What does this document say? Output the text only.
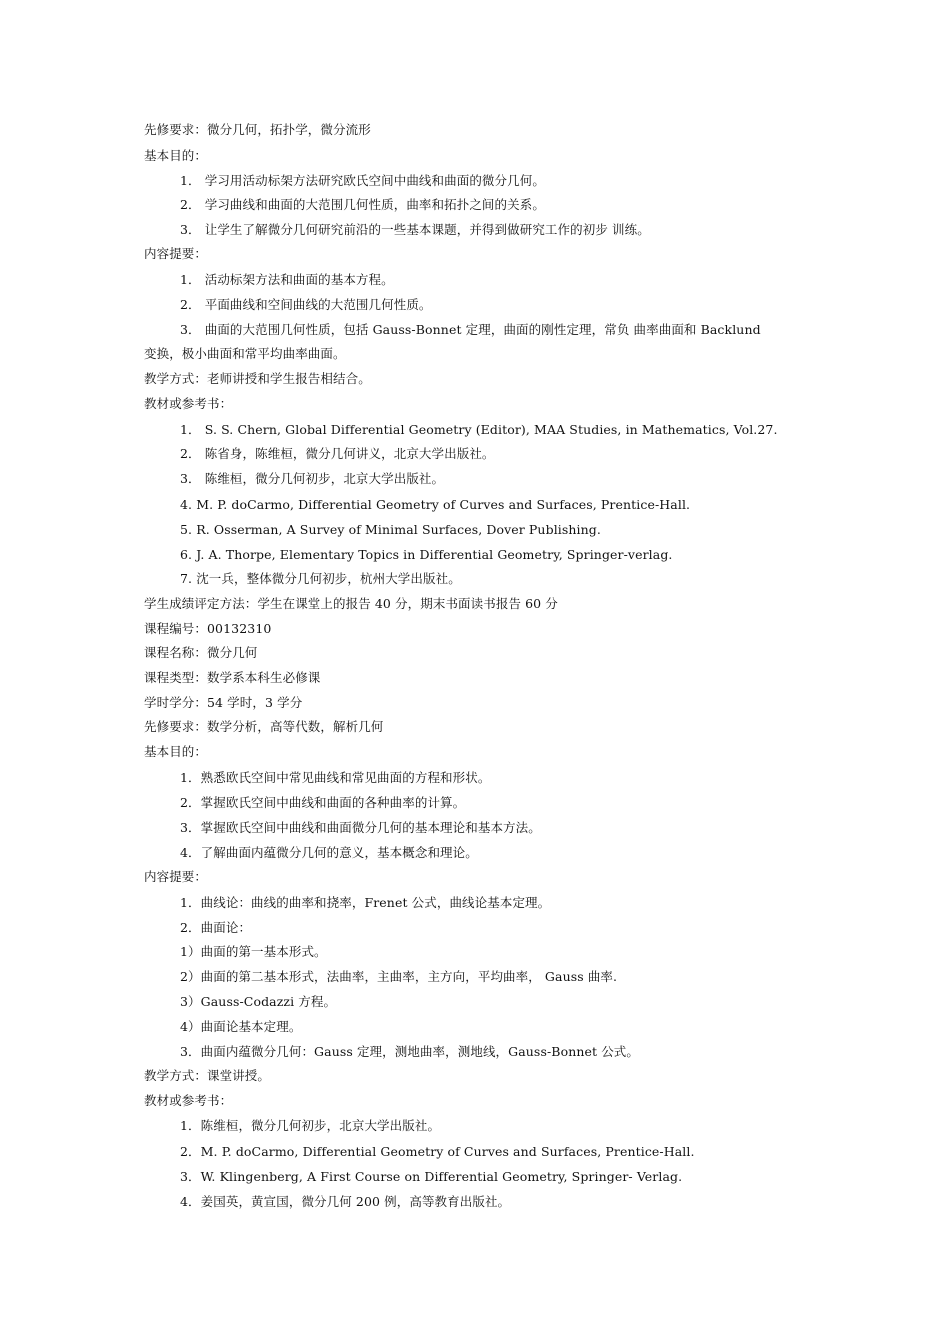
先修要求：微分几何，拓扑学，微分流形
基本目的：
1． 学习用活动标架方法研究欧氏空间中曲线和曲面的微分几何。
2． 学习曲线和曲面的大范围几何性质，曲率和拓扑之间的关系。
3． 让学生了解微分几何研究前沿的一些基本课题，并得到做研究工作的初步 训练。
内容提要：
1． 活动标架方法和曲面的基本方程。
2． 平面曲线和空间曲线的大范围几何性质。
3． 曲面的大范围几何性质，包括 Gauss-Bonnet 定理，曲面的刚性定理，常负 曲率曲面和 Backlund
变换，极小曲面和常平均曲率曲面。
教学方式：老师讲授和学生报告相结合。
教材或参考书：
1． S. S. Chern, Global Differential Geometry (Editor), MAA Studies, in Mathematics, Vol.27.
2． 陈省身，陈维桓，微分几何讲义，北京大学出版社。
3． 陈维桓，微分几何初步，北京大学出版社。
4. M. P. doCarmo, Differential Geometry of Curves and Surfaces, Prentice-Hall.
5. R. Osserman, A Survey of Minimal Surfaces, Dover Publishing.
6. J. A. Thorpe, Elementary Topics in Differential Geometry, Springer-verlag.
7. 沈一兵，整体微分几何初步，杭州大学出版社。
学生成绩评定方法：学生在课堂上的报告 40 分，期末书面读书报告 60 分
课程编号：00132310
课程名称：微分几何
课程类型：数学系本科生必修课
学时学分：54 学时，3 学分
先修要求：数学分析，高等代数，解析几何
基本目的：
1．熟悉欧氏空间中常见曲线和常见曲面的方程和形状。
2．掌握欧氏空间中曲线和曲面的各种曲率的计算。
3．掌握欧氏空间中曲线和曲面微分几何的基本理论和基本方法。
4．了解曲面内蕴微分几何的意义，基本概念和理论。
内容提要：
1．曲线论：曲线的曲率和挠率，Frenet 公式，曲线论基本定理。
2．曲面论：
1）曲面的第一基本形式。
2）曲面的第二基本形式，法曲率，主曲率，主方向，平均曲率， Gauss 曲率.
3）Gauss-Codazzi 方程。
4）曲面论基本定理。
3．曲面内蕴微分几何：Gauss 定理，测地曲率，测地线，Gauss-Bonnet 公式。
教学方式：课堂讲授。
教材或参考书：
1．陈维桓，微分几何初步，北京大学出版社。
2．M. P. doCarmo, Differential Geometry of Curves and Surfaces, Prentice-Hall.
3．W. Klingenberg, A First Course on Differential Geometry, Springer- Verlag.
4．姜国英，黄宣国，微分几何 200 例，高等教育出版社。
